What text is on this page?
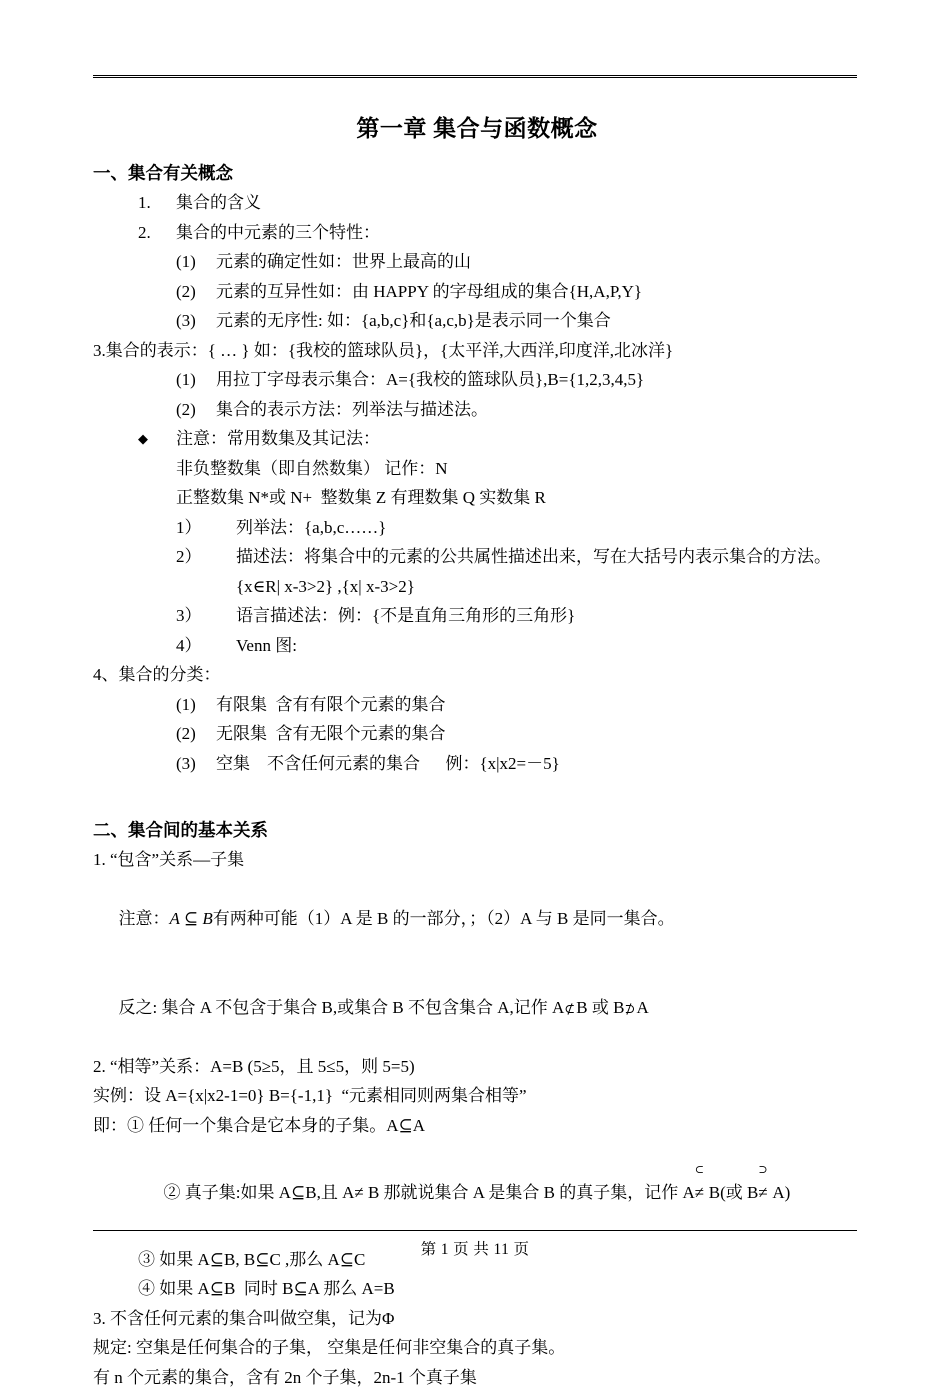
第一章 集合与函数概念
一、集合有关概念
1.	集合的含义
2.	集合的中元素的三个特性：
(1)	元素的确定性如：世界上最高的山
(2)	元素的互异性如：由 HAPPY 的字母组成的集合{H,A,P,Y}
(3)	元素的无序性: 如：{a,b,c}和{a,c,b}是表示同一个集合
3.集合的表示：{ … } 如：{我校的篮球队员}，{太平洋,大西洋,印度洋,北冰洋}
(1)	用拉丁字母表示集合：A={我校的篮球队员},B={1,2,3,4,5}
(2)	集合的表示方法：列举法与描述法。
◆	注意：常用数集及其记法：
非负整数集（即自然数集） 记作：N
正整数集 N*或 N+  整数集 Z 有理数集 Q 实数集 R
1）	列举法：{a,b,c……}
2）	描述法：将集合中的元素的公共属性描述出来，写在大括号内表示集合的方法。{x∈R| x-3>2} ,{x| x-3>2}
3）	语言描述法：例：{不是直角三角形的三角形}
4）	Venn 图:
4、集合的分类：
(1)	有限集  含有有限个元素的集合
(2)	无限集  含有无限个元素的集合
(3)	空集    不含任何元素的集合      例：{x|x2=－5}
二、集合间的基本关系
1. “包含”关系—子集

注意：A ⊆ B有两种可能（1）A 是 B 的一部分，；（2）A 与 B 是同一集合。

反之: 集合 A 不包含于集合 B,或集合 B 不包含集合 A,记作 A ⊄ B 或 B ⊅ A

2. “相等”关系：A=B (5≥5，且 5≤5，则 5=5)
实例：设 A={x|x2-1=0} B={-1,1}  “元素相同则两集合相等”
即：① 任何一个集合是它本身的子集。A⊆A

② 真子集:如果 A⊆B,且 A≠ B 那就说集合 A 是集合 B 的真子集，记作 A
⊂
≠ B(或 B
⊃
≠ A)

③ 如果 A⊆B, B⊆C ,那么 A⊆C
④ 如果 A⊆B  同时 B⊆A 那么 A=B
3. 不含任何元素的集合叫做空集，记为Φ
规定: 空集是任何集合的子集， 空集是任何非空集合的真子集。
有 n 个元素的集合，含有 2n 个子集，2n-1 个真子集
第 1 页 共 11 页
